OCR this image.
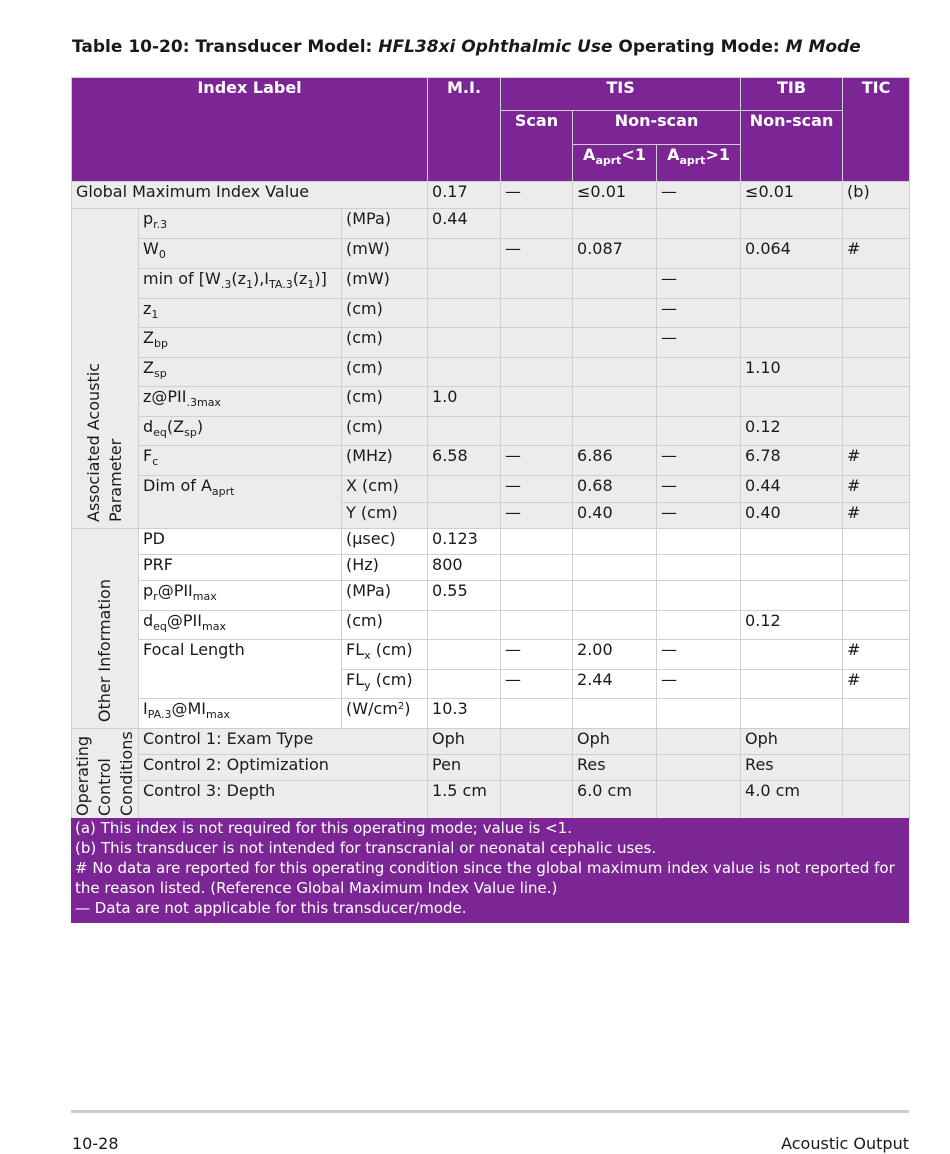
Table 10-20: Transducer Model: HFL38xi Ophthalmic Use Operating Mode: M Mode
Index Label			M.I.	TIS			TIB	TIC
				Scan	Non-scan		Non-scan	
					$A_{aprt}<1$	$A_{aprt}>1$		
Global Maximum Index Value			0.17	—	≤0.01	—	≤0.01	(b)

Associated Acoustic Parameter	$p_{r.3}$	(MPa)	0.44					
	$W_0$	(mW)		—	0.087		0.064	#
	min of $[W_{.3}(z_1),I_{TA.3}(z_1)]$	(mW)				—		
	$z_1$	(cm)				—		
	$Z_{bp}$	(cm)				—		
	$Z_{sp}$	(cm)					1.10	
	$z@PII_{.3max}$	(cm)	1.0					
	$d_{eq}(Z_{sp})$	(cm)					0.12	
	$F_c$	(MHz)	6.58	—	6.86	—	6.78	#
	Dim of $A_{aprt}$	X (cm)		—	0.68	—	0.44	#
		Y (cm)		—	0.40	—	0.40	#

Other Information	PD	(µsec)	0.123					
	PRF	(Hz)	800					
	$p_r@PII_{max}$	(MPa)	0.55					
	$d_{eq}@PII_{max}$	(cm)					0.12	
	Focal Length	$FL_x$ (cm)		—	2.00	—		#
		$FL_y$ (cm)		—	2.44	—		#
	$I_{PA.3}@MI_{max}$	$(W/cm^2)$	10.3					

Operating Control Conditions	Control 1: Exam Type		Oph		Oph		Oph	
	Control 2: Optimization		Pen		Res		Res	
	Control 3: Depth		1.5 cm		6.0 cm		4.0 cm	
(a) This index is not required for this operating mode; value is <1.
(b) This transducer is not intended for transcranial or neonatal cephalic uses.
# No data are reported for this operating condition since the global maximum index value is not reported for the reason listed. (Reference Global Maximum Index Value line.)
— Data are not applicable for this transducer/mode.
10-28	Acoustic Output
